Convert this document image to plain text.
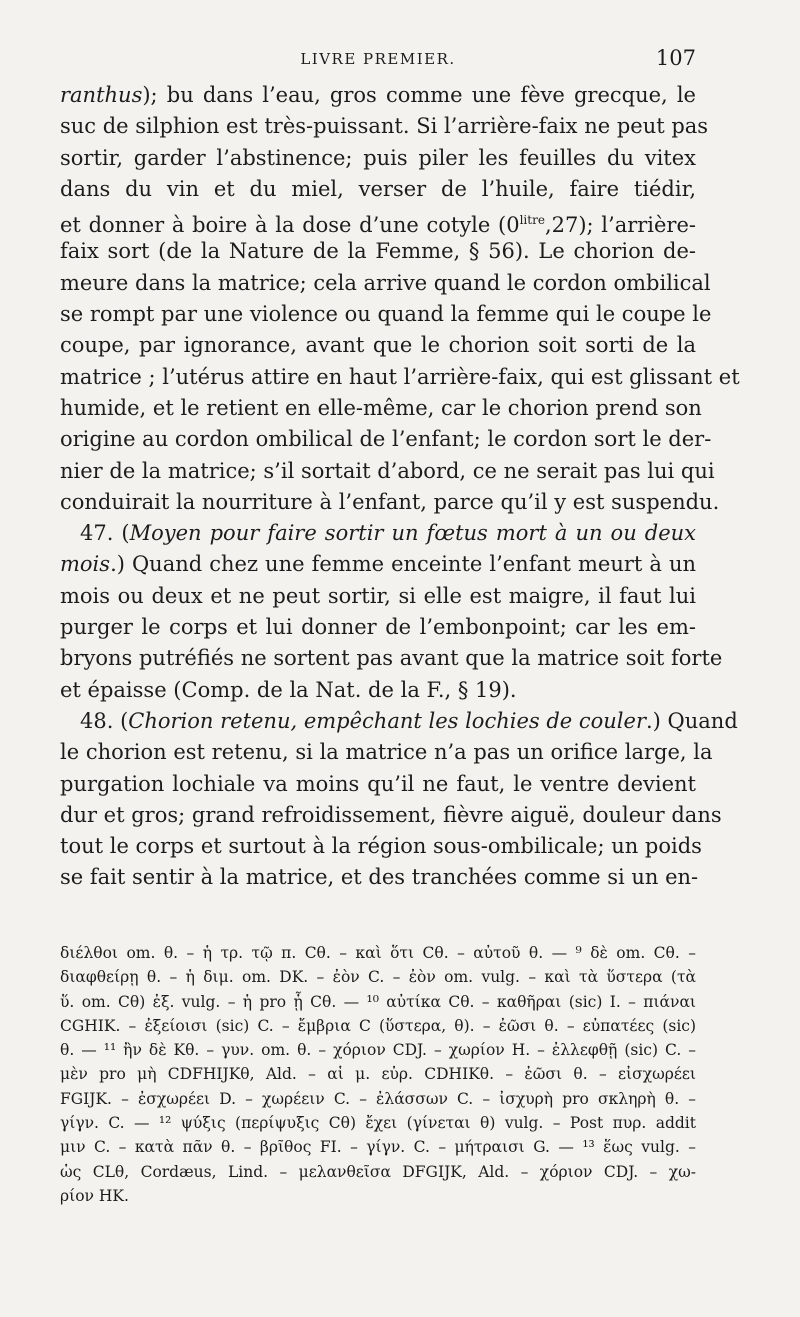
LIVRE PREMIER.	107
ranthus); bu dans l’eau, gros comme une fève grecque, le
suc de silphion est très-puissant. Si l’arrière-faix ne peut pas
sortir, garder l’abstinence; puis piler les feuilles du vitex
dans du vin et du miel, verser de l’huile, faire tiédir,
et donner à boire à la dose d’une cotyle $(0^{litre},27)$; l’arrière-
faix sort (de la Nature de la Femme, § 56). Le chorion de-
meure dans la matrice; cela arrive quand le cordon ombilical
se rompt par une violence ou quand la femme qui le coupe le
coupe, par ignorance, avant que le chorion soit sorti de la
matrice ; l’utérus attire en haut l’arrière-faix, qui est glissant et
humide, et le retient en elle-même, car le chorion prend son
origine au cordon ombilical de l’enfant; le cordon sort le der-
nier de la matrice; s’il sortait d’abord, ce ne serait pas lui qui
conduirait la nourriture à l’enfant, parce qu’il y est suspendu.
47. (Moyen pour faire sortir un fœtus mort à un ou deux
mois.) Quand chez une femme enceinte l’enfant meurt à un
mois ou deux et ne peut sortir, si elle est maigre, il faut lui
purger le corps et lui donner de l’embonpoint; car les em-
bryons putréfiés ne sortent pas avant que la matrice soit forte
et épaisse (Comp. de la Nat. de la F., § 19).
48. (Chorion retenu, empêchant les lochies de couler.) Quand
le chorion est retenu, si la matrice n’a pas un orifice large, la
purgation lochiale va moins qu’il ne faut, le ventre devient
dur et gros; grand refroidissement, fièvre aiguë, douleur dans
tout le corps et surtout à la région sous-ombilicale; un poids
se fait sentir à la matrice, et des tranchées comme si un en-
διέλθοι om. θ. – ἡ τρ. τῷ π. Cθ. – καὶ ὅτι Cθ. – αὐτοῦ θ. — ⁹ δὲ om. Cθ. –
διαφθείρῃ θ. – ἡ διμ. om. DK. – ἐὸν C. – ἐὸν om. vulg. – καὶ τὰ ὕστερα (τὰ
ὕ. om. Cθ) ἐξ. vulg. – ἡ pro ᾗ Cθ. — ¹⁰ αὐτίκα Cθ. – καθῆραι (sic) I. – πιάναι
CGHIK. – ἐξείοισι (sic) C. – ἔμβρια C (ὕστερα, θ). – ἐῶσι θ. – εὐπατέες (sic)
θ. — ¹¹ ἢν δὲ Kθ. – γυν. om. θ. – χόριον CDJ. – χωρίον H. – ἐλλεφθῇ (sic) C. –
μὲν pro μὴ CDFHIJKθ, Ald. – αἱ μ. εὐρ. CDHIKθ. – ἐῶσι θ. – εἰσχωρέει
FGIJK. – ἐσχωρέει D. – χωρέειν C. – ἐλάσσων C. – ἰσχυρὴ pro σκληρὴ θ. –
γίγν. C. — ¹² ψύξις (περίψυξις Cθ) ἔχει (γίνεται θ) vulg. – Post πυρ. addit
μιν C. – κατὰ πᾶν θ. – βρῖθος FI. – γίγν. C. – μήτραισι G. — ¹³ ἕως vulg. –
ὡς CLθ, Cordæus, Lind. – μελανθεῖσα DFGIJK, Ald. – χόριον CDJ. – χω-
ρίον HK.
